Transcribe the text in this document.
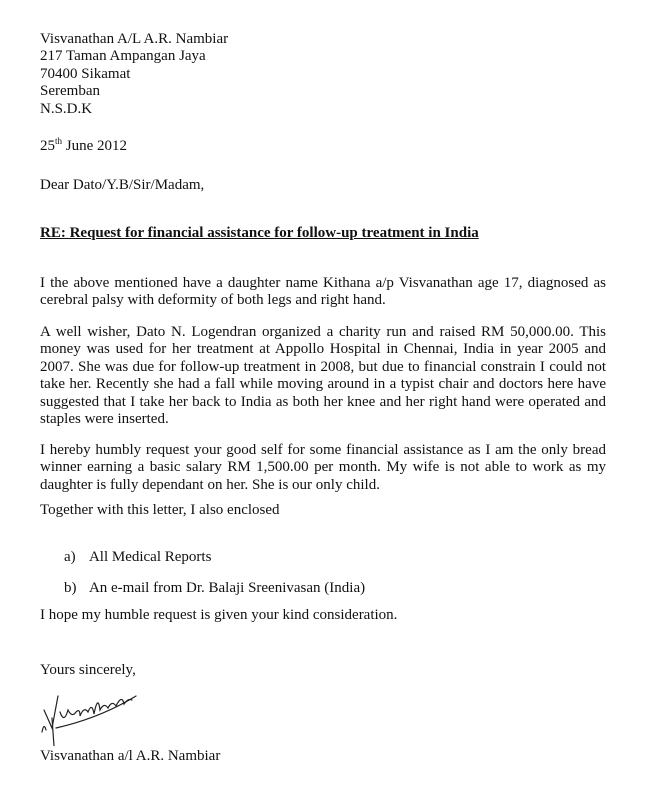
Visvanathan A/L A.R. Nambiar
217 Taman Ampangan Jaya
70400 Sikamat
Seremban
N.S.D.K
25th June 2012
Dear Dato/Y.B/Sir/Madam,
RE: Request for financial assistance for follow-up treatment in India
I the above mentioned have a daughter name Kithana a/p Visvanathan age 17, diagnosed as cerebral palsy with deformity of both legs and right hand.
A well wisher, Dato N. Logendran organized a charity run and raised RM 50,000.00. This money was used for her treatment at Appollo Hospital in Chennai, India in year 2005 and 2007. She was due for follow-up treatment in 2008, but due to financial constrain I could not take her. Recently she had a fall while moving around in a typist chair and doctors here have suggested that I take her back to India as both her knee and her right hand were operated and staples were inserted.
I hereby humbly request your good self for some financial assistance as I am the only bread winner earning a basic salary RM 1,500.00 per month. My wife is not able to work as my daughter is fully dependant on her. She is our only child.
Together with this letter, I also enclosed
a) All Medical Reports
b) An e-mail from Dr. Balaji Sreenivasan (India)
I hope my humble request is given your kind consideration.
Yours sincerely,
Visvanathan a/l A.R. Nambiar
